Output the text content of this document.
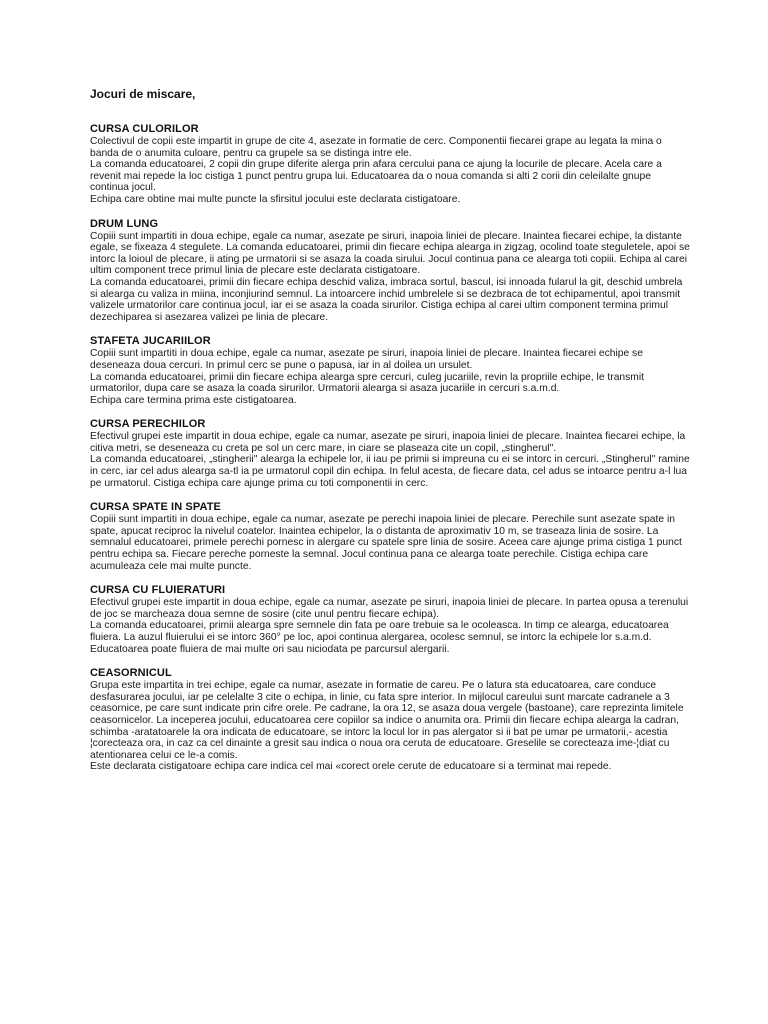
Jocuri de miscare,
CURSA CULORILOR

Colectivul de copii este impartit in grupe de cite 4, asezate in formatie de cerc. Componentii fiecarei grape au legata la mina o banda de o anumita culoare, pentru ca grupele sa se distinga intre ele.

La comanda educatoarei, 2 copii din grupe diferite alerga prin afara cercului pana ce ajung la locurile de plecare. Acela care a revenit mai repede la loc cistiga 1 punct pentru grupa lui. Educatoarea da o noua comanda si alti 2 corii din celeilalte gnupe continua jocul.

Echipa care obtine mai multe puncte la sfirsitul jocului este declarata cistigatoare.

DRUM LUNG

Copiii sunt impartiti in doua echipe, egale ca numar, asezate pe siruri, inapoia liniei de plecare. Inaintea fiecarei echipe, la distante egale, se fixeaza 4 stegulete. La comanda educatoarei, primii din fiecare echipa alearga in zigzag, ocolind toate steguletele, apoi se intorc la loioul de plecare, ii ating pe urmatorii si se asaza la coada sirului. Jocul continua pana ce alearga toti copiii. Echipa al carei ultim component trece primul linia de plecare este declarata cistigatoare.

La comanda educatoarei, primii din fiecare echipa deschid valiza, imbraca sortul, bascul, isi innoada fularul la git, deschid umbrela si alearga cu valiza in miina, inconjiurind semnul. La intoarcere inchid umbrelele si se dezbraca de tot echipamentul, apoi transmit valizele urmatorilor care continua jocul, iar ei se asaza la coada sirurilor. Cistiga echipa al carei ultim component termina primul dezechiparea si asezarea valizei pe linia de plecare.

STAFETA JUCARIILOR

Copiii sunt impartiti in doua echipe, egale ca numar, asezate pe siruri, inapoia liniei de plecare. Inaintea fiecarei echipe se deseneaza doua cercuri. In primul cerc se pune o papusa, iar in al doilea un ursulet.

La comanda educatoarei, primii din fiecare echipa alearga spre cercuri, culeg jucariile, revin la propriile echipe, le transmit urmatorilor, dupa care se asaza la coada sirurilor. Urmatorii alearga si asaza jucariile in cercuri s.a.m.d.

Echipa care termina prima este cistigatoarea.

CURSA PERECHILOR

Efectivul grupei este impartit in doua echipe, egale ca numar, asezate pe siruri, inapoia liniei de plecare. Inaintea fiecarei echipe, la citiva metri, se deseneaza cu creta pe sol un cerc mare, in ciare se plaseaza cite un copil, „stingherul".

La comanda educatoarei, „stingherii" alearga la echipele lor, ii iau pe primii si impreuna cu ei se intorc in cercuri. „Stingherul" ramine in cerc, iar cel adus alearga sa-tl ia pe urmatorul copil din echipa. In felul acesta, de fiecare data, cel adus se intoarce pentru a-l lua pe urmatorul. Cistiga echipa care ajunge prima cu toti componentii in cerc.

CURSA SPATE IN SPATE

Copiii sunt impartiti in doua echipe, egale ca numar, asezate pe perechi inapoia liniei de plecare. Perechile sunt asezate spate in spate, apucat reciproc la nivelul coatelor. Inaintea echipelor, la o distanta de aproximativ 10 m, se traseaza linia de sosire. La semnalul educatoarei, primele perechi pornesc in alergare cu spatele spre linia de sosire. Aceea care ajunge prima cistiga 1 punct pentru echipa sa. Fiecare pereche porneste la semnal. Jocul continua pana ce alearga toate perechile. Cistiga echipa care acumuleaza cele mai multe puncte.

CURSA CU FLUIERATURI

Efectivul grupei este impartit in doua echipe, egale ca numar, asezate pe siruri, inapoia liniei de plecare. In partea opusa a terenului de joc se marcheaza doua semne de sosire (cite unul pentru fiecare echipa).

La comanda educatoarei, primii alearga spre semnele din fata pe oare trebuie sa le ocoleasca. In timp ce alearga, educatoarea fluiera. La auzul fluierului ei se intorc 360° pe loc, apoi continua alergarea, ocolesc semnul, se intorc la echipele lor s.a.m.d.

Educatoarea poate fluiera de mai multe ori sau niciodata pe parcursul alergarii.

CEASORNICUL

Grupa este impartita in trei echipe, egale ca numar, asezate in formatie de careu. Pe o latura sta educatoarea, care conduce desfasurarea jocului, iar pe celelalte 3 cite o echipa, in linie, cu fata spre interior. In mijlocul careului sunt marcate cadranele a 3 ceasornice, pe care sunt indicate prin cifre orele. Pe cadrane, la ora 12, se asaza doua vergele (bastoane), care reprezinta limitele ceasornicelor. La inceperea jocului, educatoarea cere copiilor sa indice o anumita ora. Primii din fiecare echipa alearga la cadran, schimba -aratatoarele la ora indicata de educatoare, se intorc la locul lor in pas alergator si ii bat pe umar pe urmatorii,- acestia ¦corecteaza ora, in caz ca cel dinainte a gresit sau indica o noua ora ceruta de educatoare. Greselile se corecteaza ime-¦diat cu atentionarea celui ce le-a comis.

Este declarata cistigatoare echipa care indica cel mai «corect orele cerute de educatoare si a terminat mai repede.
